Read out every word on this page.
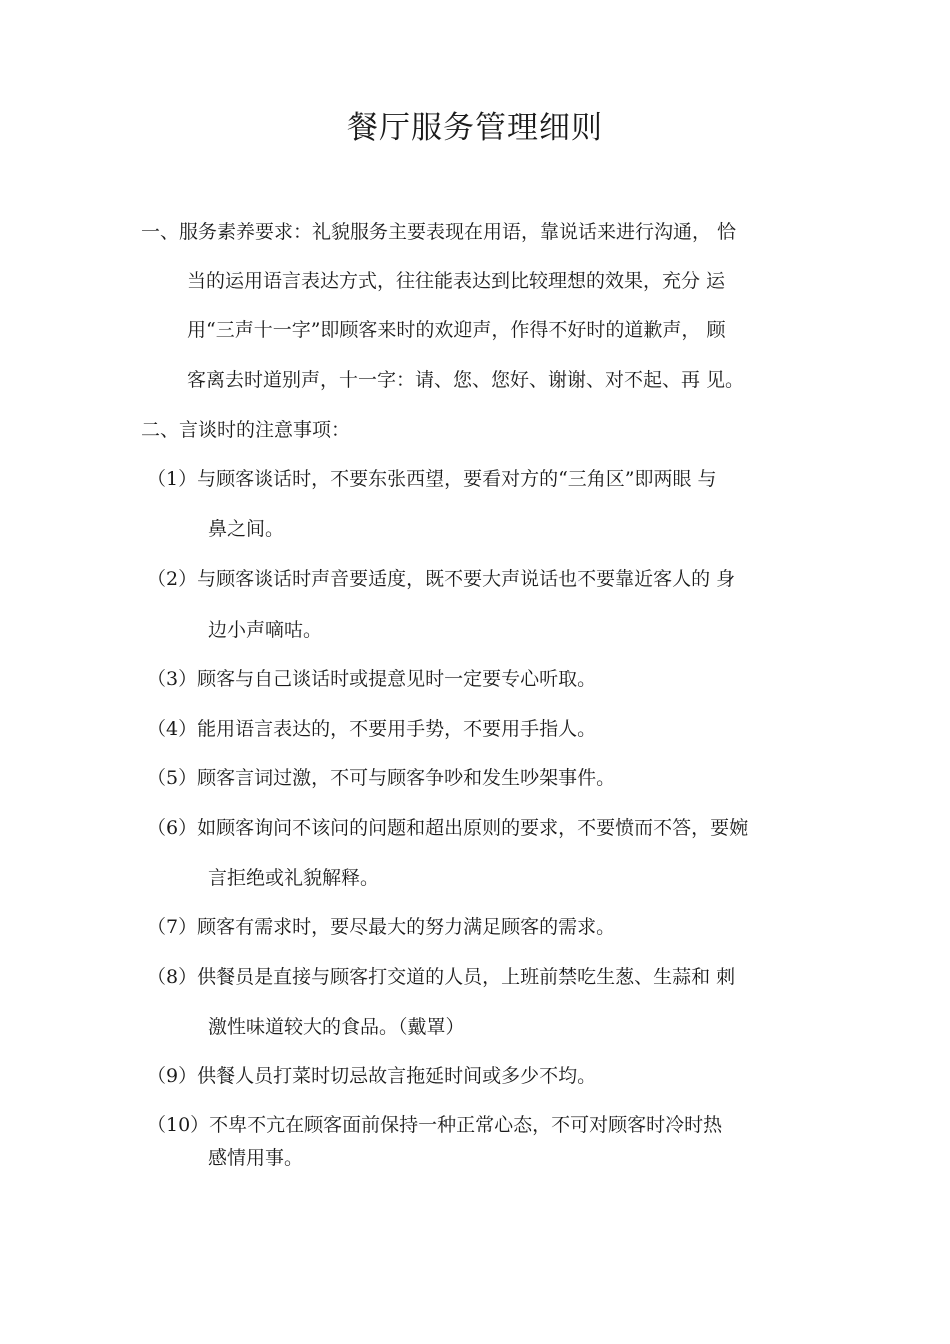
餐厅服务管理细则

一、服务素养要求：礼貌服务主要表现在用语，靠说话来进行沟通， 恰

当的运用语言表达方式，往往能表达到比较理想的效果，充分 运

用“三声十一字”即顾客来时的欢迎声，作得不好时的道歉声， 顾

客离去时道别声，十一字：请、您、您好、谢谢、对不起、再 见。

二、言谈时的注意事项：

（1）与顾客谈话时，不要东张西望，要看对方的“三角区”即两眼 与

鼻之间。

（2）与顾客谈话时声音要适度，既不要大声说话也不要靠近客人的 身

边小声嘀咕。

（3）顾客与自己谈话时或提意见时一定要专心听取。

（4）能用语言表达的，不要用手势，不要用手指人。

（5）顾客言词过激，不可与顾客争吵和发生吵架事件。

（6）如顾客询问不该问的问题和超出原则的要求，不要愤而不答，要婉

言拒绝或礼貌解释。

（7）顾客有需求时，要尽最大的努力满足顾客的需求。

（8）供餐员是直接与顾客打交道的人员，上班前禁吃生葱、生蒜和 刺

激性味道较大的食品。（戴罩）

（9）供餐人员打菜时切忌故言拖延时间或多少不均。

（10）不卑不亢在顾客面前保持一种正常心态，不可对顾客时冷时热

感情用事。
